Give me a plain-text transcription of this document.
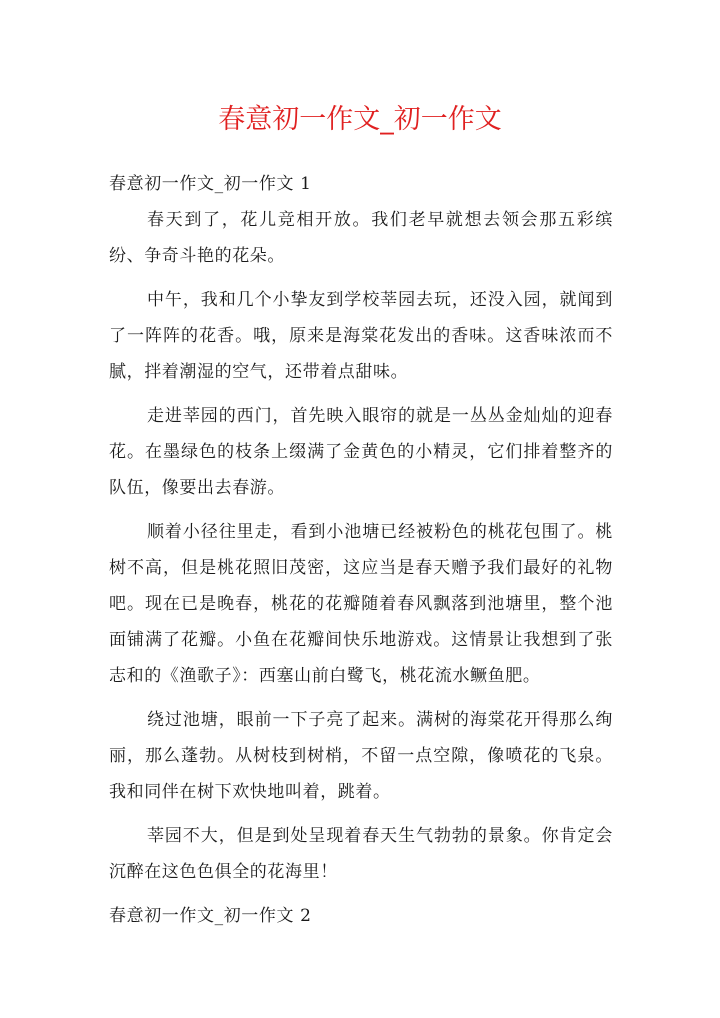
春意初一作文_初一作文

春意初一作文_初一作文 1

春天到了，花儿竞相开放。我们老早就想去领会那五彩缤纷、争奇斗艳的花朵。

中午，我和几个小挚友到学校莘园去玩，还没入园，就闻到了一阵阵的花香。哦，原来是海棠花发出的香味。这香味浓而不腻，拌着潮湿的空气，还带着点甜味。

走进莘园的西门，首先映入眼帘的就是一丛丛金灿灿的迎春花。在墨绿色的枝条上缀满了金黄色的小精灵，它们排着整齐的队伍，像要出去春游。

顺着小径往里走，看到小池塘已经被粉色的桃花包围了。桃树不高，但是桃花照旧茂密，这应当是春天赠予我们最好的礼物吧。现在已是晚春，桃花的花瓣随着春风飘落到池塘里，整个池面铺满了花瓣。小鱼在花瓣间快乐地游戏。这情景让我想到了张志和的《渔歌子》：西塞山前白鹭飞，桃花流水鳜鱼肥。

绕过池塘，眼前一下子亮了起来。满树的海棠花开得那么绚丽，那么蓬勃。从树枝到树梢，不留一点空隙，像喷花的飞泉。我和同伴在树下欢快地叫着，跳着。

莘园不大，但是到处呈现着春天生气勃勃的景象。你肯定会沉醉在这色色俱全的花海里！

春意初一作文_初一作文 2
